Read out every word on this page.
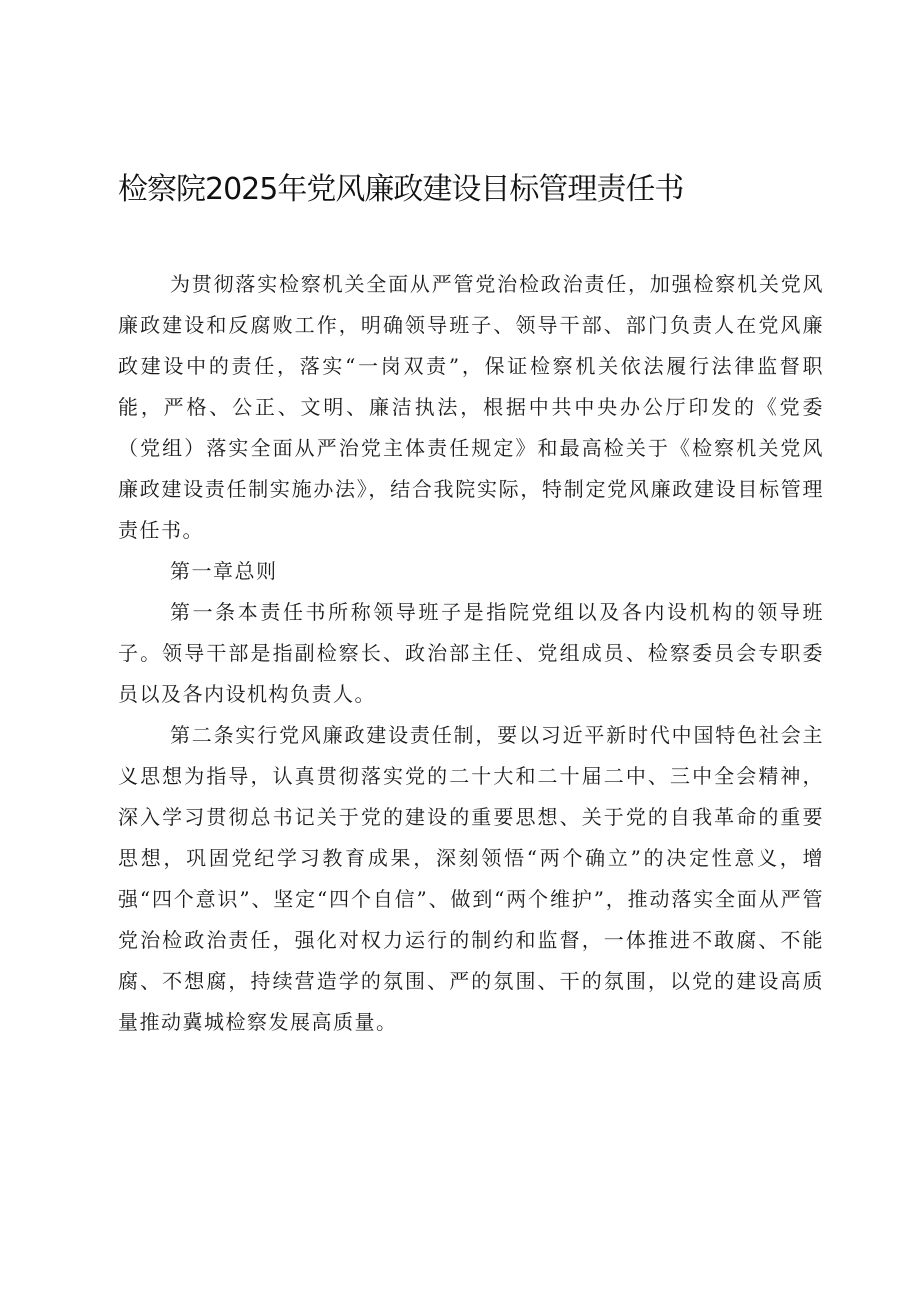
检察院2025年党风廉政建设目标管理责任书

为贯彻落实检察机关全面从严管党治检政治责任，加强检察机关党风廉政建设和反腐败工作，明确领导班子、领导干部、部门负责人在党风廉政建设中的责任，落实“一岗双责”，保证检察机关依法履行法律监督职能，严格、公正、文明、廉洁执法，根据中共中央办公厅印发的《党委（党组）落实全面从严治党主体责任规定》和最高检关于《检察机关党风廉政建设责任制实施办法》，结合我院实际，特制定党风廉政建设目标管理责任书。

第一章总则

第一条本责任书所称领导班子是指院党组以及各内设机构的领导班子。领导干部是指副检察长、政治部主任、党组成员、检察委员会专职委员以及各内设机构负责人。

第二条实行党风廉政建设责任制，要以习近平新时代中国特色社会主义思想为指导，认真贯彻落实党的二十大和二十届二中、三中全会精神，深入学习贯彻总书记关于党的建设的重要思想、关于党的自我革命的重要思想，巩固党纪学习教育成果，深刻领悟“两个确立”的决定性意义，增强“四个意识”、坚定“四个自信”、做到“两个维护”，推动落实全面从严管党治检政治责任，强化对权力运行的制约和监督，一体推进不敢腐、不能腐、不想腐，持续营造学的氛围、严的氛围、干的氛围，以党的建设高质量推动冀城检察发展高质量。
